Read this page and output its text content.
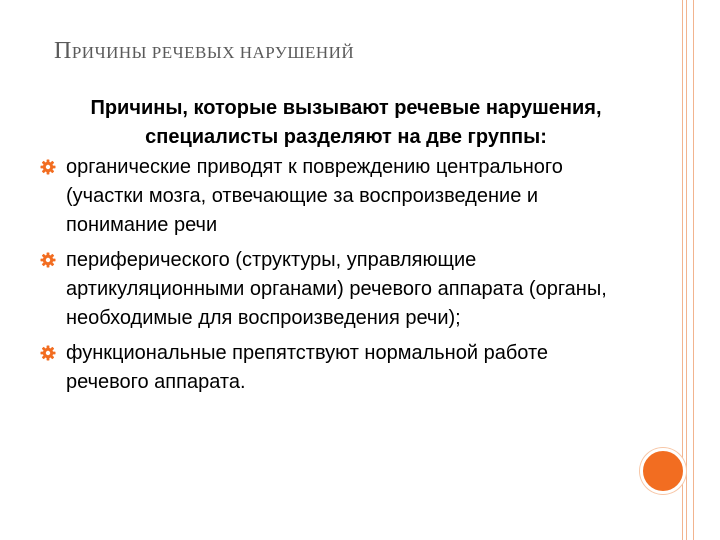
ПРИЧИНЫ РЕЧЕВЫХ НАРУШЕНИЙ

Причины, которые вызывают речевые нарушения, специалисты разделяют на две группы:

органические приводят к повреждению центрального (участки мозга, отвечающие за воспроизведение и понимание речи
периферического (структуры, управляющие артикуляционными органами) речевого аппарата (органы, необходимые для воспроизведения речи);
функциональные препятствуют нормальной работе речевого аппарата.
